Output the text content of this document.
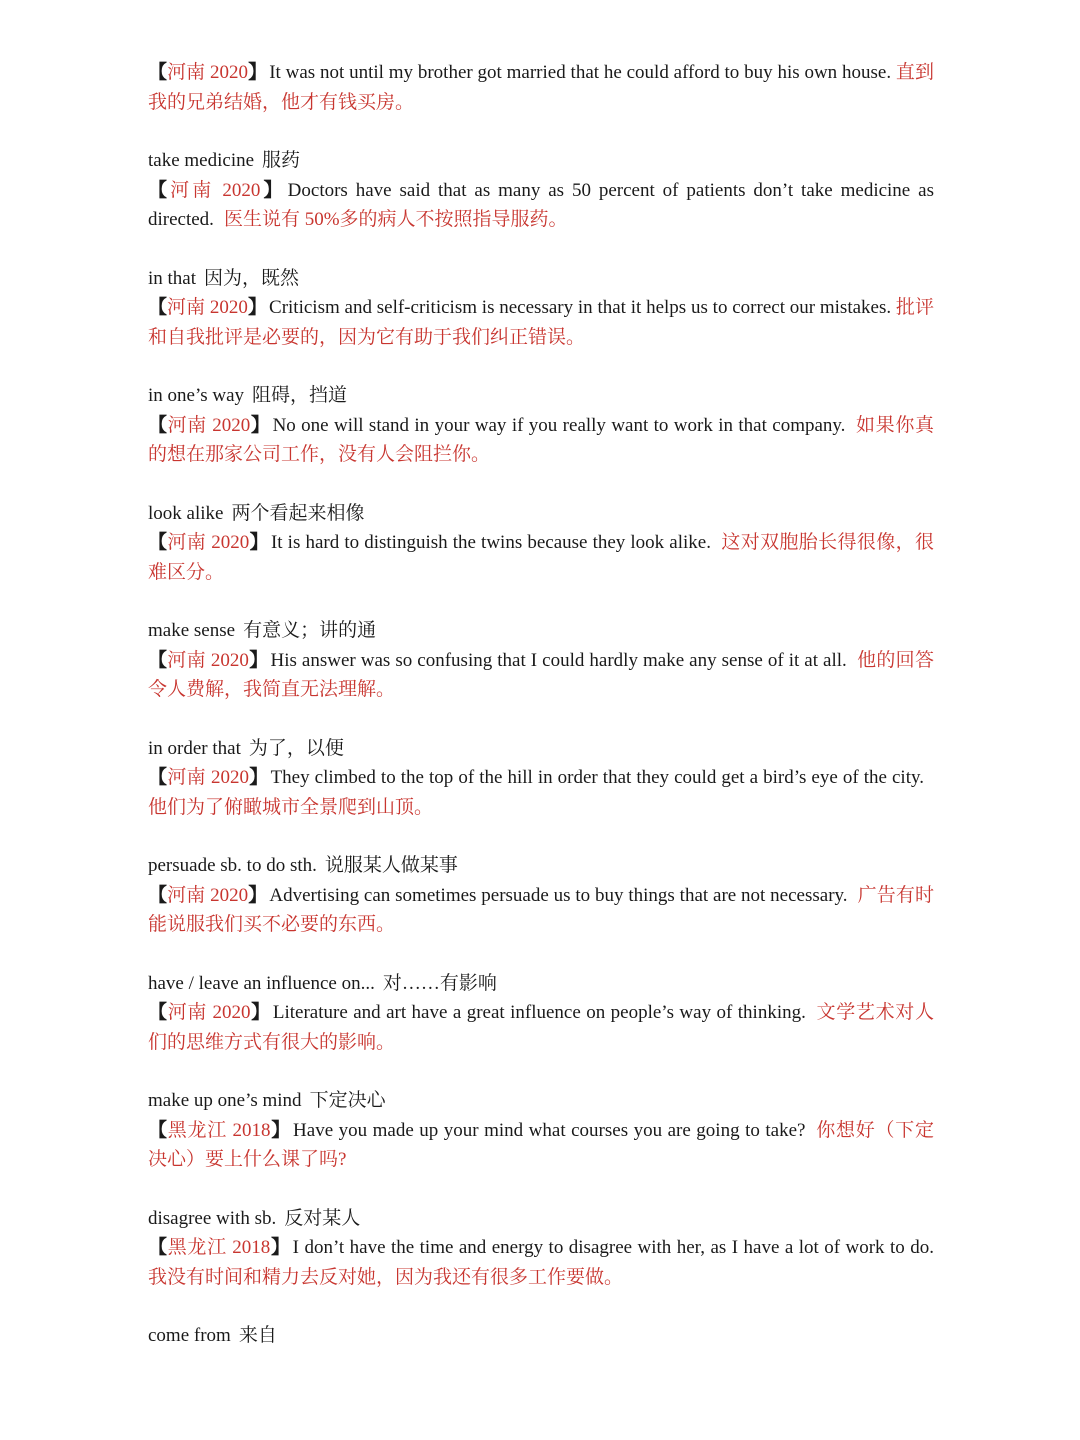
【河南 2020】 It was not until my brother got married that he could afford to buy his own house. 直到我的兄弟结婚，他才有钱买房。
take medicine 服药
【河南 2020】 Doctors have said that as many as 50 percent of patients don’t take medicine as directed. 医生说有 50%多的病人不按照指导服药。
in that 因为，既然
【河南 2020】 Criticism and self-criticism is necessary in that it helps us to correct our mistakes. 批评和自我批评是必要的，因为它有助于我们纠正错误。
in one’s way 阻碍，挡道
【河南 2020】 No one will stand in your way if you really want to work in that company. 如果你真的想在那家公司工作，没有人会阻拦你。
look alike 两个看起来相像
【河南 2020】 It is hard to distinguish the twins because they look alike. 这对双胞胎长得很像，很难区分。
make sense 有意义；讲的通
【河南 2020】 His answer was so confusing that I could hardly make any sense of it at all. 他的回答令人费解，我简直无法理解。
in order that 为了，以便
【河南 2020】 They climbed to the top of the hill in order that they could get a bird’s eye of the city.他们为了俯瞰城市全景爬到山顶。
persuade sb. to do sth. 说服某人做某事
【河南 2020】 Advertising can sometimes persuade us to buy things that are not necessary. 广告有时能说服我们买不必要的东西。
have / leave an influence on... 对……有影响
【河南 2020】 Literature and art have a great influence on people’s way of thinking. 文学艺术对人们的思维方式有很大的影响。
make up one’s mind 下定决心
【黑龙江 2018】 Have you made up your mind what courses you are going to take? 你想好（下定决心）要上什么课了吗?
disagree with sb. 反对某人
【黑龙江 2018】 I don’t have the time and energy to disagree with her, as I have a lot of work to do. 我没有时间和精力去反对她，因为我还有很多工作要做。
come from 来自
